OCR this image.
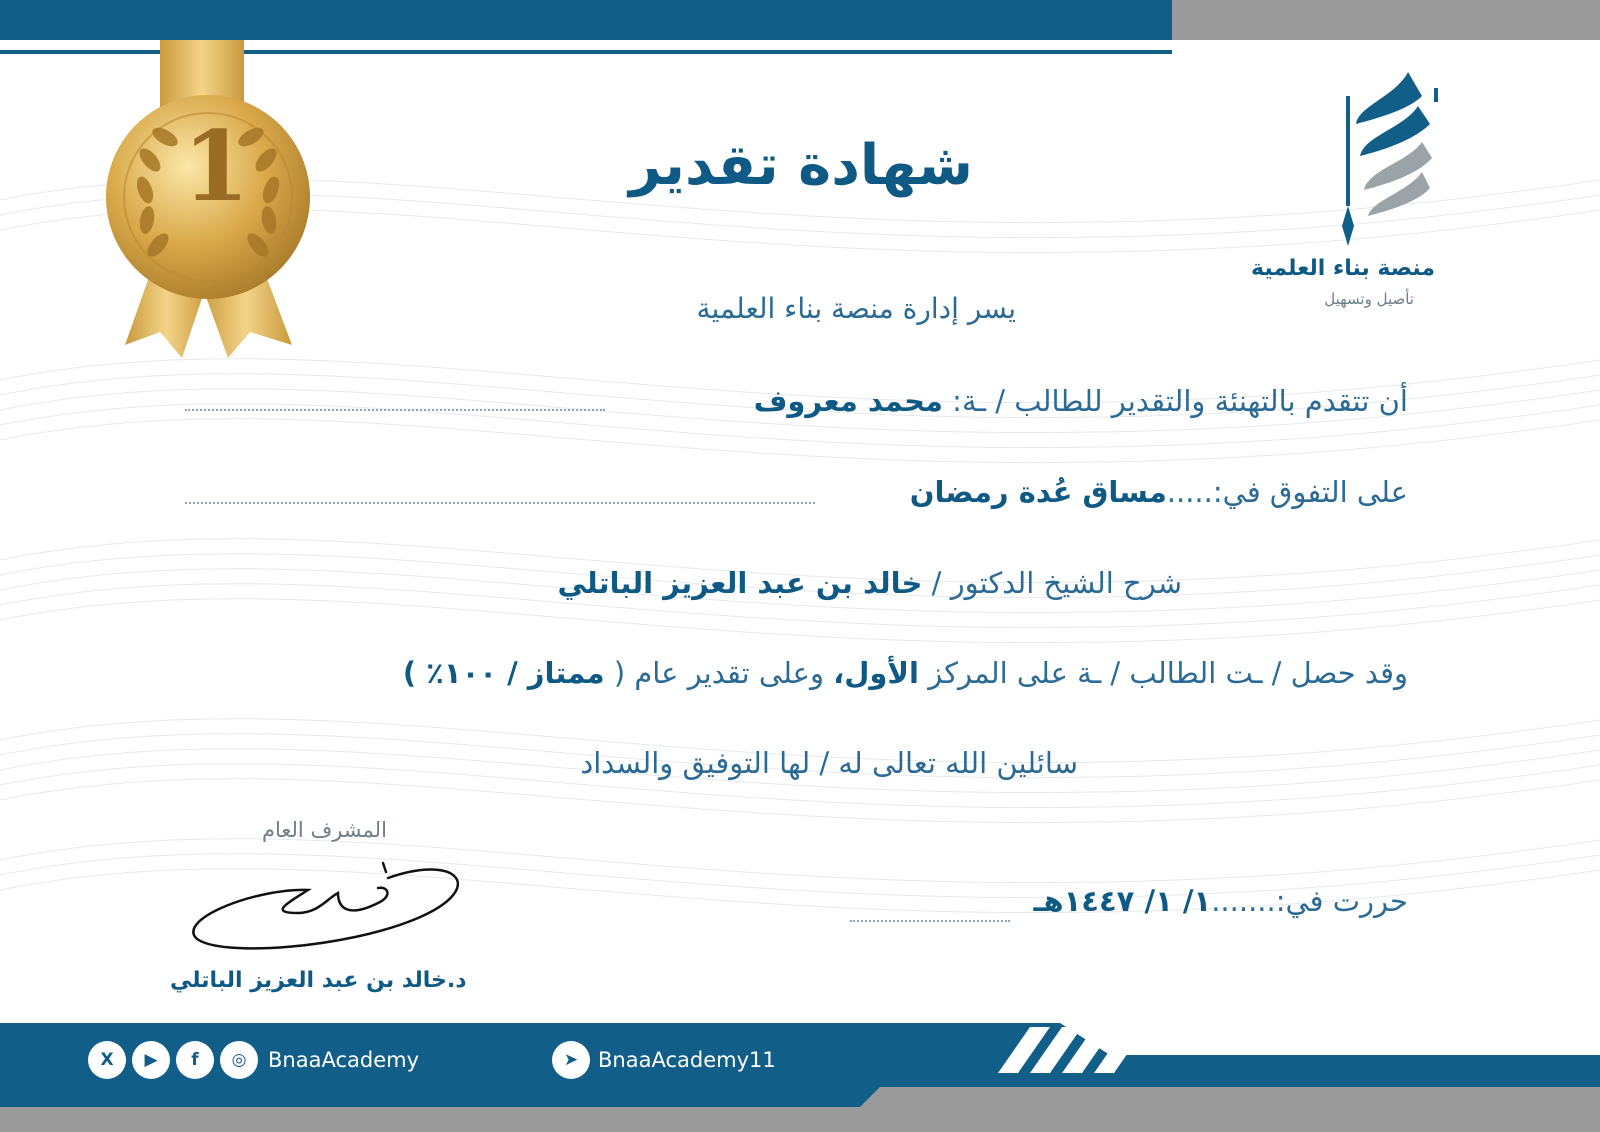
1
منصة بناء العلمية
تأصيل وتسهيل
شهادة تقدير
يسر إدارة منصة بناء العلمية
أن تتقدم بالتهنئة والتقدير للطالب / ـة: محمد معروف
على التفوق في:.....مساق عُدة رمضان
شرح الشيخ الدكتور / خالد بن عبد العزيز الباتلي
وقد حصل / ـت الطالب / ـة على المركز الأول، وعلى تقدير عام ( ممتاز / ١٠٠٪ )
سائلين الله تعالى له / لها التوفيق والسداد
حررت في:.......١/ ١/ ١٤٤٧هـ
المشرف العام
د.خالد بن عبد العزيز الباتلي
➤ BnaaAcademy11
X	▶	f	◎	BnaaAcademy
